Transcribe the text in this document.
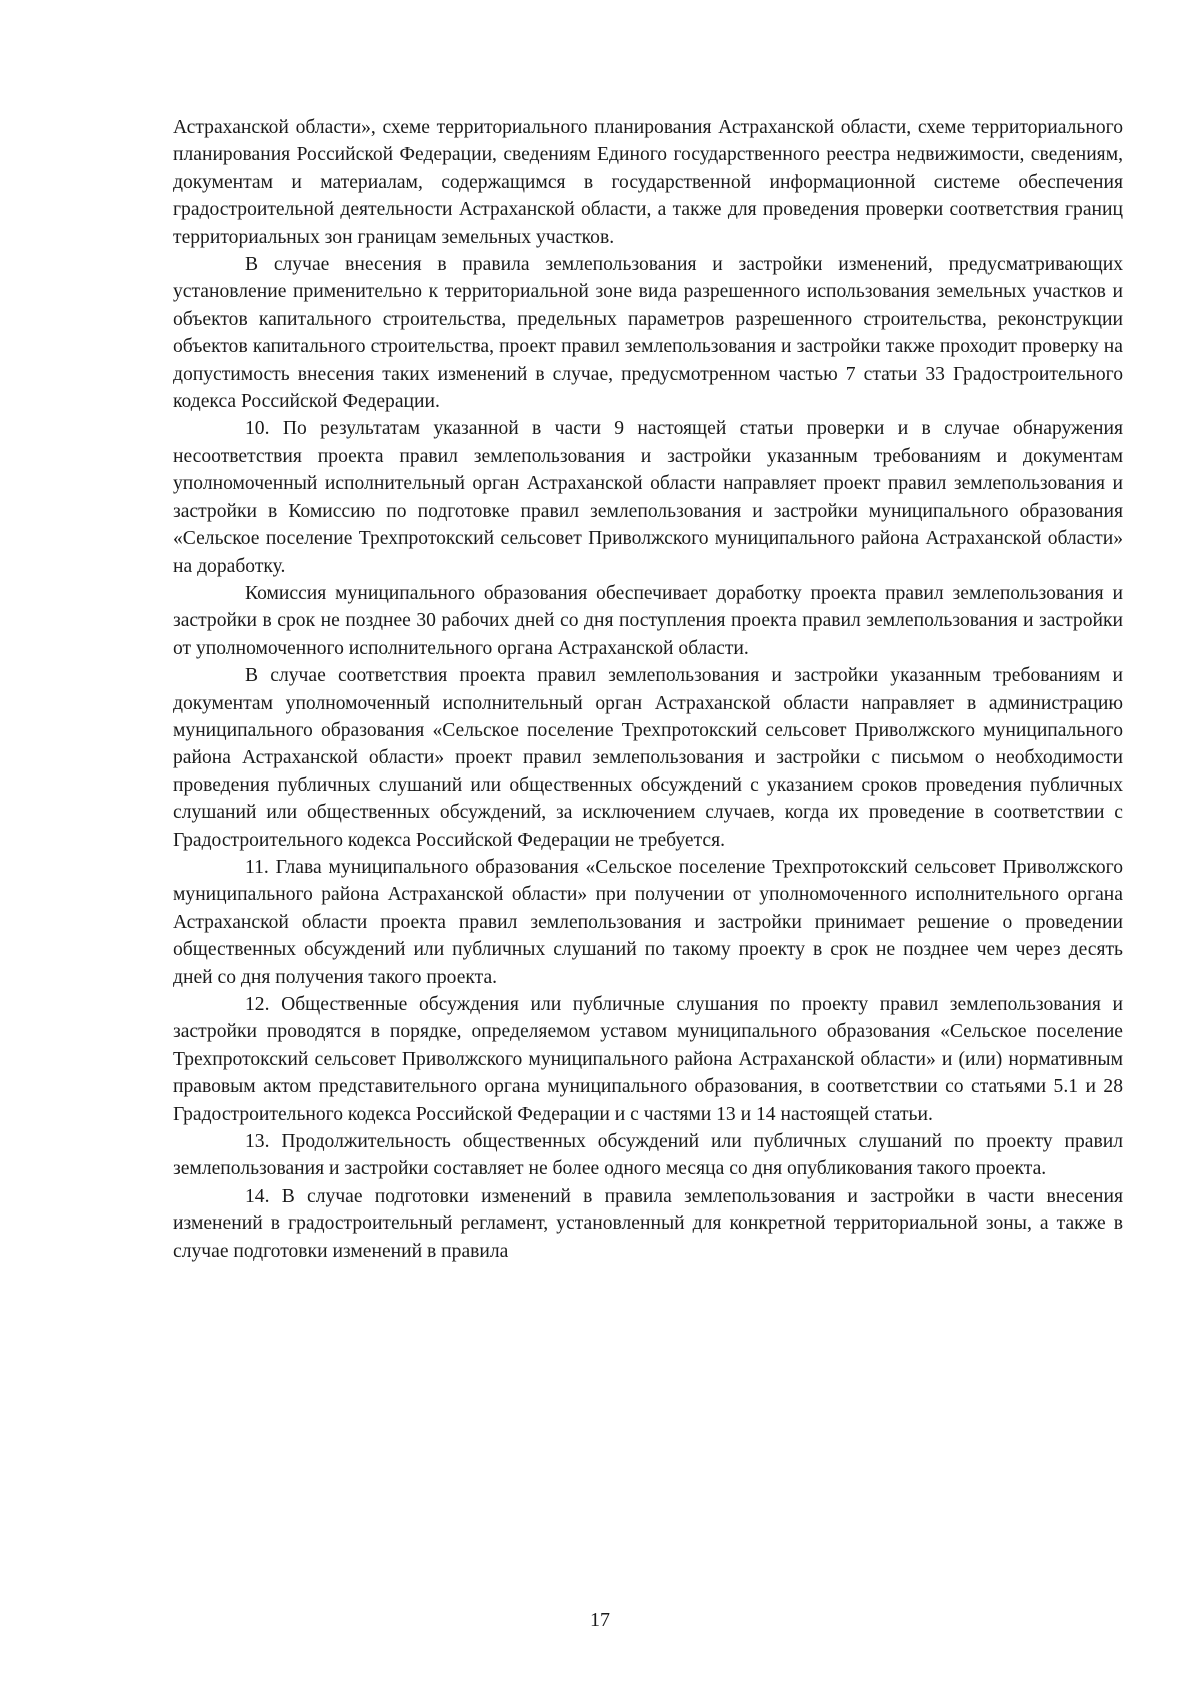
Астраханской области», схеме территориального планирования Астраханской области, схеме территориального планирования Российской Федерации, сведениям Единого государственного реестра недвижимости, сведениям, документам и материалам, содержащимся в государственной информационной системе обеспечения градостроительной деятельности Астраханской области, а также для проведения проверки соответствия границ территориальных зон границам земельных участков.

В случае внесения в правила землепользования и застройки изменений, предусматривающих установление применительно к территориальной зоне вида разрешенного использования земельных участков и объектов капитального строительства, предельных параметров разрешенного строительства, реконструкции объектов капитального строительства, проект правил землепользования и застройки также проходит проверку на допустимость внесения таких изменений в случае, предусмотренном частью 7 статьи 33 Градостроительного кодекса Российской Федерации.

10. По результатам указанной в части 9 настоящей статьи проверки и в случае обнаружения несоответствия проекта правил землепользования и застройки указанным требованиям и документам уполномоченный исполнительный орган Астраханской области направляет проект правил землепользования и застройки в Комиссию по подготовке правил землепользования и застройки муниципального образования «Сельское поселение Трехпротокский сельсовет Приволжского муниципального района Астраханской области» на доработку.

Комиссия муниципального образования обеспечивает доработку проекта правил землепользования и застройки в срок не позднее 30 рабочих дней со дня поступления проекта правил землепользования и застройки от уполномоченного исполнительного органа Астраханской области.

В случае соответствия проекта правил землепользования и застройки указанным требованиям и документам уполномоченный исполнительный орган Астраханской области направляет в администрацию муниципального образования «Сельское поселение Трехпротокский сельсовет Приволжского муниципального района Астраханской области» проект правил землепользования и застройки с письмом о необходимости проведения публичных слушаний или общественных обсуждений с указанием сроков проведения публичных слушаний или общественных обсуждений, за исключением случаев, когда их проведение в соответствии с Градостроительного кодекса Российской Федерации не требуется.

11. Глава муниципального образования «Сельское поселение Трехпротокский сельсовет Приволжского муниципального района Астраханской области» при получении от уполномоченного исполнительного органа Астраханской области проекта правил землепользования и застройки принимает решение о проведении общественных обсуждений или публичных слушаний по такому проекту в срок не позднее чем через десять дней со дня получения такого проекта.

12. Общественные обсуждения или публичные слушания по проекту правил землепользования и застройки проводятся в порядке, определяемом уставом муниципального образования «Сельское поселение Трехпротокский сельсовет Приволжского муниципального района Астраханской области» и (или) нормативным правовым актом представительного органа муниципального образования, в соответствии со статьями 5.1 и 28 Градостроительного кодекса Российской Федерации и с частями 13 и 14 настоящей статьи.

13. Продолжительность общественных обсуждений или публичных слушаний по проекту правил землепользования и застройки составляет не более одного месяца со дня опубликования такого проекта.

14. В случае подготовки изменений в правила землепользования и застройки в части внесения изменений в градостроительный регламент, установленный для конкретной территориальной зоны, а также в случае подготовки изменений в правила

17
